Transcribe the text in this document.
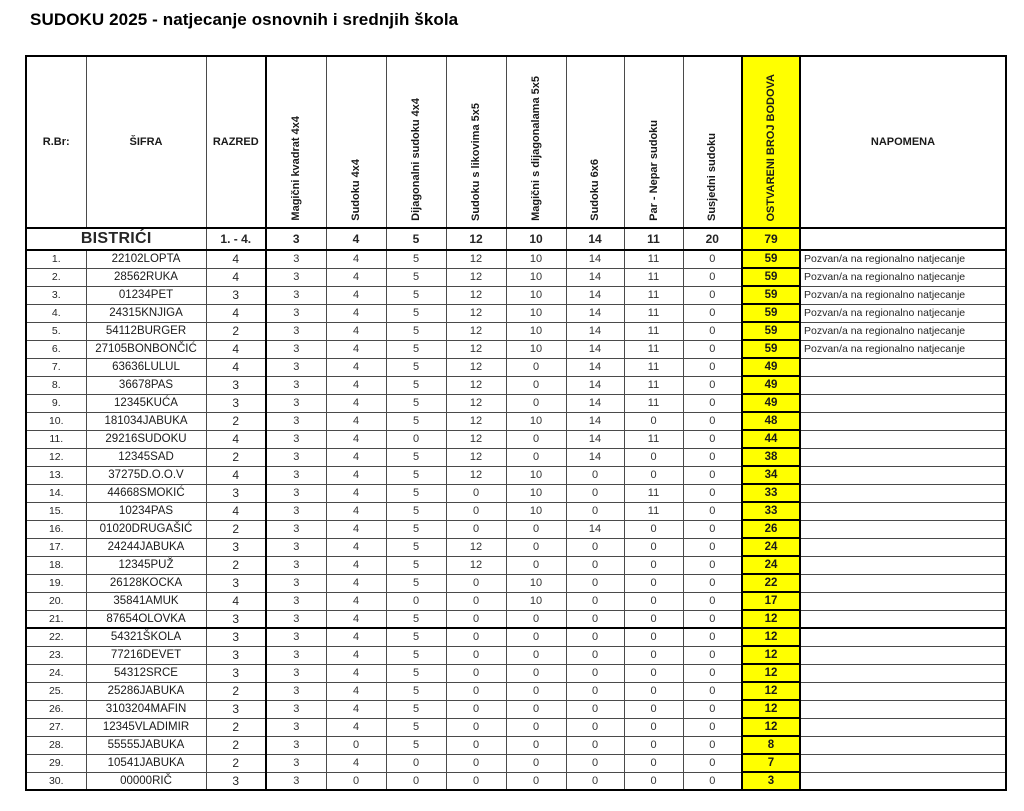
SUDOKU 2025 - natjecanje osnovnih i srednjih škola
R.Br:	ŠIFRA	RAZRED	Magični kvadrat 4x4	Sudoku 4x4	Dijagonalni sudoku 4x4	Sudoku s likovima 5x5	Magični s dijagonalama 5x5	Sudoku 6x6	Par - Nepar sudoku	Susjedni sudoku	OSTVARENI BROJ BODOVA	NAPOMENA
BISTRIĆI		1. - 4.	3	4	5	12	10	14	11	20	79	
1.	22102LOPTA	4	3	4	5	12	10	14	11	0	59	Pozvan/a na regionalno natjecanje
2.	28562RUKA	4	3	4	5	12	10	14	11	0	59	Pozvan/a na regionalno natjecanje
3.	01234PET	3	3	4	5	12	10	14	11	0	59	Pozvan/a na regionalno natjecanje
4.	24315KNJIGA	4	3	4	5	12	10	14	11	0	59	Pozvan/a na regionalno natjecanje
5.	54112BURGER	2	3	4	5	12	10	14	11	0	59	Pozvan/a na regionalno natjecanje
6.	27105BONBONČIĆ	4	3	4	5	12	10	14	11	0	59	Pozvan/a na regionalno natjecanje
7.	63636LULUL	4	3	4	5	12	0	14	11	0	49	
8.	36678PAS	3	3	4	5	12	0	14	11	0	49	
9.	12345KUĆA	3	3	4	5	12	0	14	11	0	49	
10.	181034JABUKA	2	3	4	5	12	10	14	0	0	48	
11.	29216SUDOKU	4	3	4	0	12	0	14	11	0	44	
12.	12345SAD	2	3	4	5	12	0	14	0	0	38	
13.	37275D.O.O.V	4	3	4	5	12	10	0	0	0	34	
14.	44668SMOKIĆ	3	3	4	5	0	10	0	11	0	33	
15.	10234PAS	4	3	4	5	0	10	0	11	0	33	
16.	01020DRUGAŠIĆ	2	3	4	5	0	0	14	0	0	26	
17.	24244JABUKA	3	3	4	5	12	0	0	0	0	24	
18.	12345PUŽ	2	3	4	5	12	0	0	0	0	24	
19.	26128KOCKA	3	3	4	5	0	10	0	0	0	22	
20.	35841AMUK	4	3	4	0	0	10	0	0	0	17	
21.	87654OLOVKA	3	3	4	5	0	0	0	0	0	12	
22.	54321ŠKOLA	3	3	4	5	0	0	0	0	0	12	
23.	77216DEVET	3	3	4	5	0	0	0	0	0	12	
24.	54312SRCE	3	3	4	5	0	0	0	0	0	12	
25.	25286JABUKA	2	3	4	5	0	0	0	0	0	12	
26.	3103204MAFIN	3	3	4	5	0	0	0	0	0	12	
27.	12345VLADIMIR	2	3	4	5	0	0	0	0	0	12	
28.	55555JABUKA	2	3	0	5	0	0	0	0	0	8	
29.	10541JABUKA	2	3	4	0	0	0	0	0	0	7	
30.	00000RIČ	3	3	0	0	0	0	0	0	0	3	
